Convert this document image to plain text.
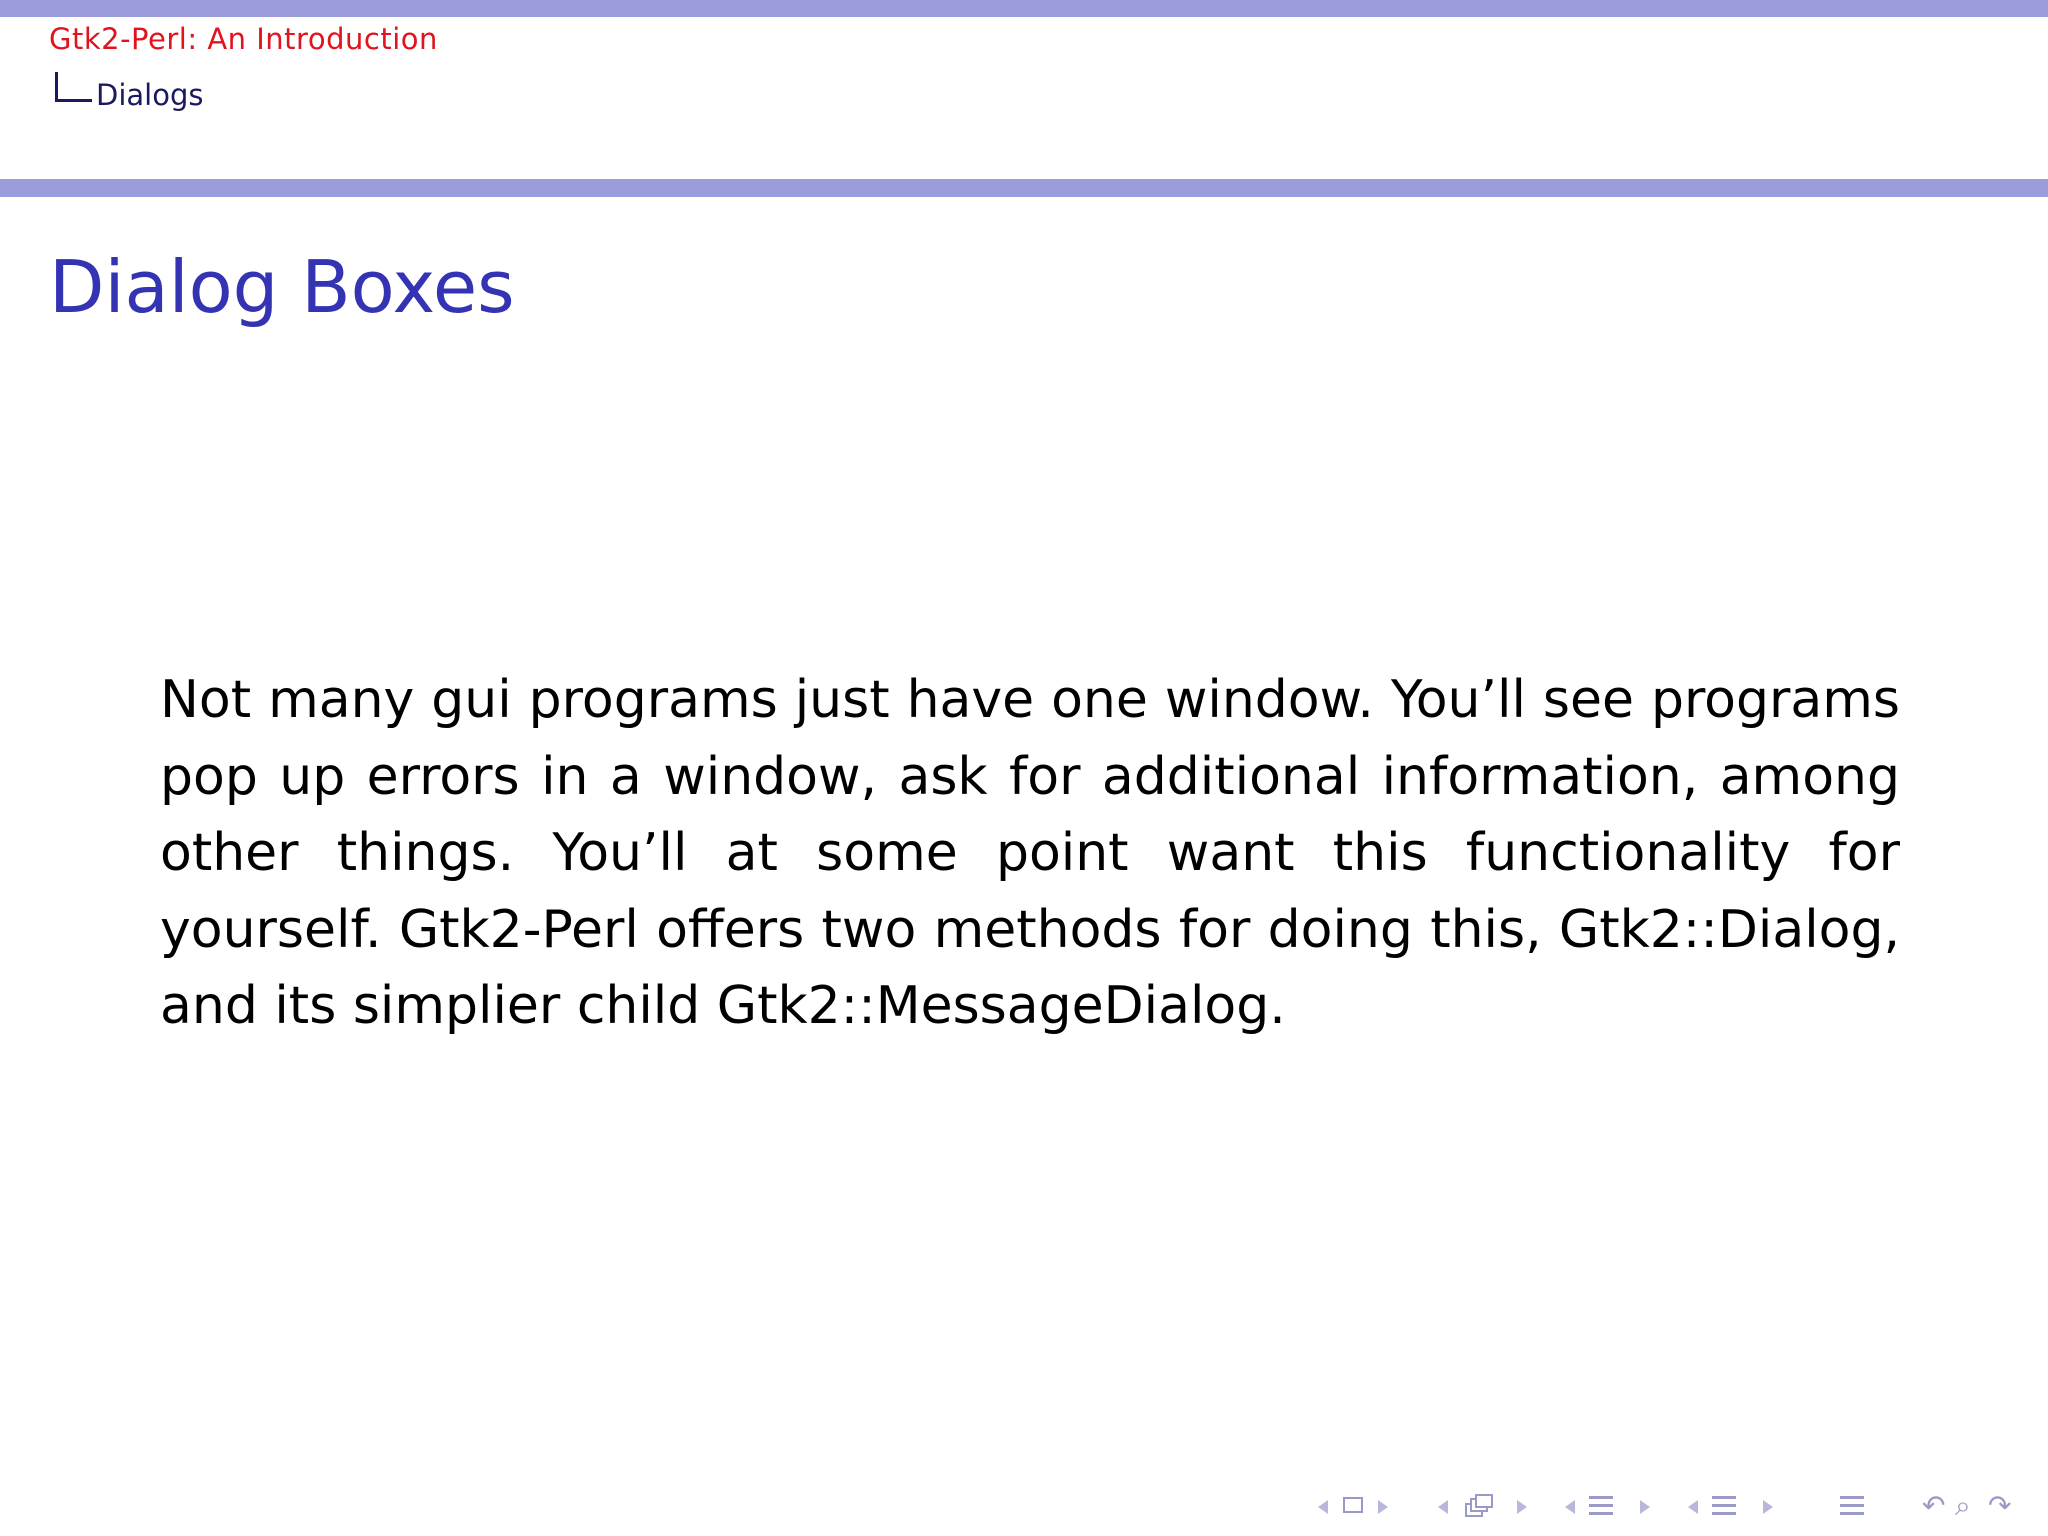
Gtk2-Perl: An Introduction
Dialogs
Dialog Boxes
Not many gui programs just have one window. You’ll see programs pop up errors in a window, ask for additional information, among other things. You’ll at some point want this functionality for yourself. Gtk2-Perl offers two methods for doing this, Gtk2::Dialog, and its simplier child Gtk2::MessageDialog.
↶ ⌕ ↷
